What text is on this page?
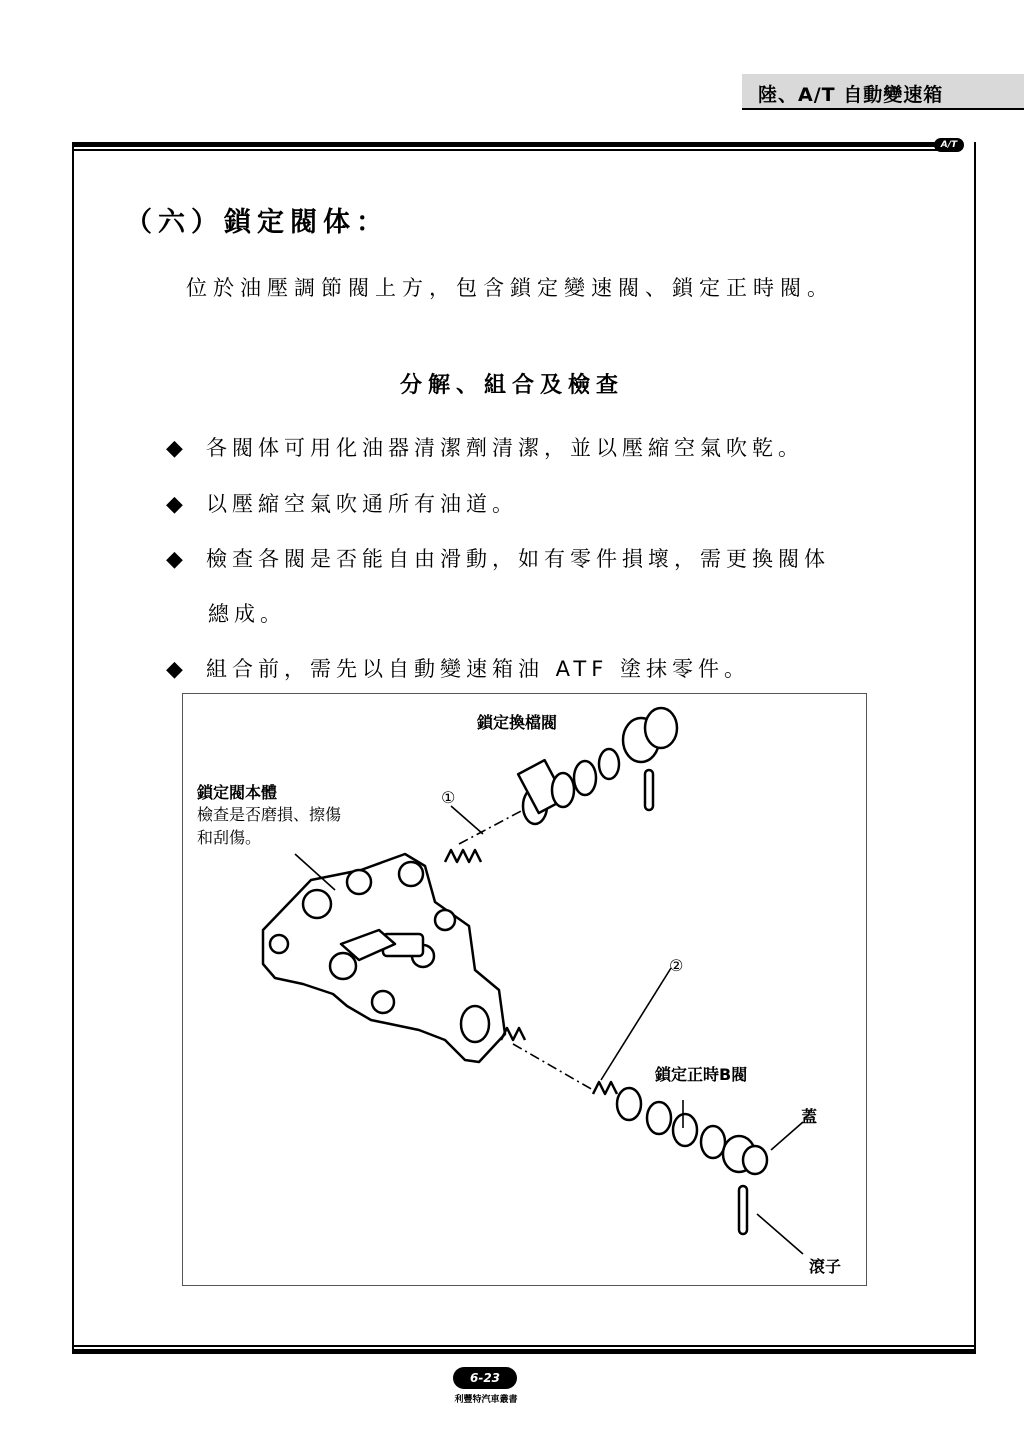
陸、A/T 自動變速箱
A/T
（六）鎖定閥体：
位於油壓調節閥上方，包含鎖定變速閥、鎖定正時閥。
分解、組合及檢查
◆ 各閥体可用化油器清潔劑清潔，並以壓縮空氣吹乾。
◆ 以壓縮空氣吹通所有油道。
◆ 檢查各閥是否能自由滑動，如有零件損壞，需更換閥体
總成。
◆ 組合前，需先以自動變速箱油 ATF 塗抹零件。
鎖定換檔閥
鎖定閥本體
檢查是否磨損、擦傷
和刮傷。
①
②
鎖定正時B閥
蓋
滾子
6-23
利豐特汽車叢書
